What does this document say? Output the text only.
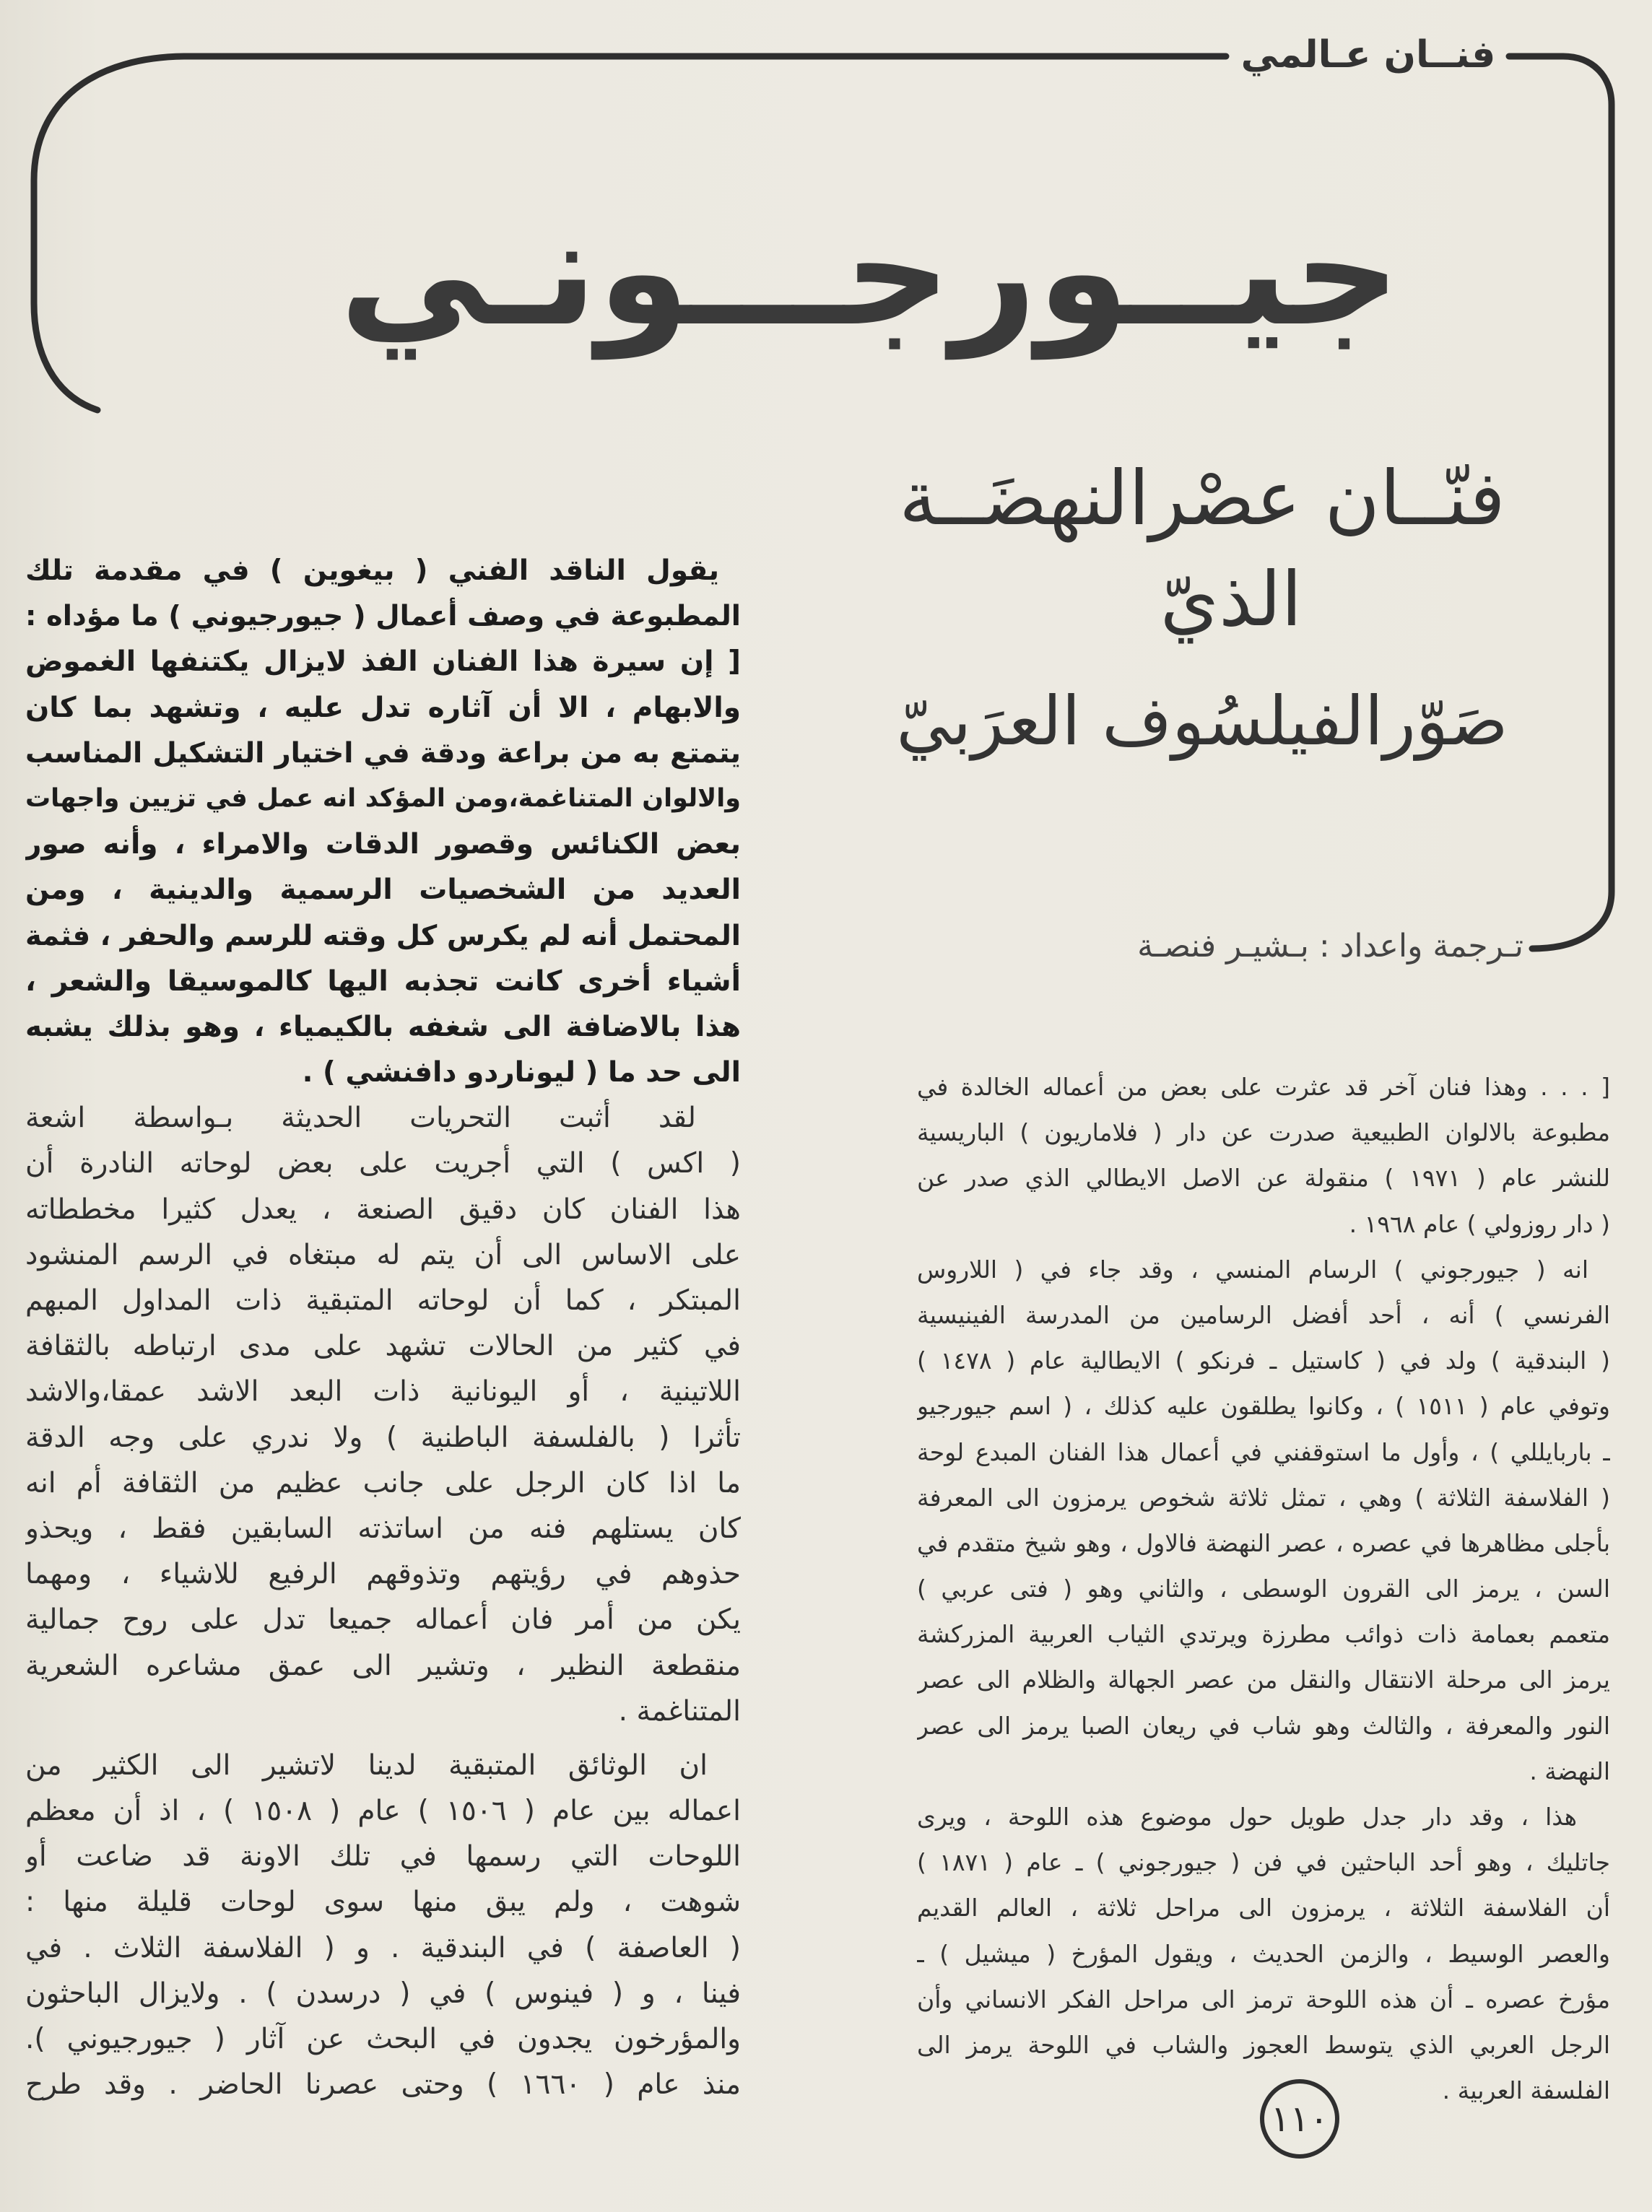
فنــان عـالمي
جيــورجـــونـي
فنّــان عصْرالنهضَــة
الذيّ
صَوّرالفيلسُوف العرَبيّ
تـرجمة واعداد : بـشيـر فنصـة
يقول الناقد الفني ( بيغوين ) في مقدمة تلك
المطبوعة في وصف أعمال ( جيورجيوني ) ما مؤداه :
[ إن سيرة هذا الفنان الفذ لايزال يكتنفها الغموض
والابهام ، الا أن آثاره تدل عليه ، وتشهد بما كان
يتمتع به من براعة ودقة في اختيار التشكيل المناسب
والالوان المتناغمة،ومن المؤكد انه عمل في تزيين واجهات
بعض الكنائس وقصور الدقات والامراء ، وأنه صور
العديد من الشخصيات الرسمية والدينية ، ومن
المحتمل أنه لم يكرس كل وقته للرسم والحفر ، فثمة
أشياء أخرى كانت تجذبه اليها كالموسيقا والشعر ،
هذا بالاضافة الى شغفه بالكيمياء ، وهو بذلك يشبه
الى حد ما ( ليوناردو دافنشي ) .
لقد أثبت التحريات الحديثة بـواسطة اشعة
( اكس ) التي أجريت على بعض لوحاته النادرة أن
هذا الفنان كان دقيق الصنعة ، يعدل كثيرا مخططاته
على الاساس الى أن يتم له مبتغاه في الرسم المنشود
المبتكر ، كما أن لوحاته المتبقية ذات المداول المبهم
في كثير من الحالات تشهد على مدى ارتباطه بالثقافة
اللاتينية ، أو اليونانية ذات البعد الاشد عمقا،والاشد
تأثرا ( بالفلسفة الباطنية ) ولا ندري على وجه الدقة
ما اذا كان الرجل على جانب عظيم من الثقافة أم انه
كان يستلهم فنه من اساتذته السابقين فقط ، ويحذو
حذوهم في رؤيتهم وتذوقهم الرفيع للاشياء ، ومهما
يكن من أمر فان أعماله جميعا تدل على روح جمالية
منقطعة النظير ، وتشير الى عمق مشاعره الشعرية
المتناغمة .
ان الوثائق المتبقية لدينا لاتشير الى الكثير من
اعماله بين عام ( ١٥٠٦ ) عام ( ١٥٠٨ ) ، اذ أن معظم
اللوحات التي رسمها في تلك الاونة قد ضاعت أو
شوهت ، ولم يبق منها سوى لوحات قليلة منها :
( العاصفة ) في البندقية . و ( الفلاسفة الثلاث . في
فينا ، و ( فينوس ) في ( درسدن ) . ولايزال الباحثون
والمؤرخون يجدون في البحث عن آثار ( جيورجيوني ).
منذ عام ( ١٦٦٠ ) وحتى عصرنا الحاضر . وقد طرح
[ . . . وهذا فنان آخر قد عثرت على بعض من أعماله الخالدة في
مطبوعة بالالوان الطبيعية صدرت عن دار ( فلاماريون ) الباريسية
للنشر عام ( ١٩٧١ ) منقولة عن الاصل الايطالي الذي صدر عن
( دار روزولي ) عام ١٩٦٨ .
انه ( جيورجوني ) الرسام المنسي ، وقد جاء في ( اللاروس
الفرنسي ) أنه ، أحد أفضل الرسامين من المدرسة الفينيسية
( البندقية ) ولد في ( كاستيل ـ فرنكو ) الايطالية عام ( ١٤٧٨ )
وتوفي عام ( ١٥١١ ) ، وكانوا يطلقون عليه كذلك ، ( اسم جيورجيو
ـ باربايللي ) ، وأول ما استوقفني في أعمال هذا الفنان المبدع لوحة
( الفلاسفة الثلاثة ) وهي ، تمثل ثلاثة شخوص يرمزون الى المعرفة
بأجلى مظاهرها في عصره ، عصر النهضة فالاول ، وهو شيخ متقدم في
السن ، يرمز الى القرون الوسطى ، والثاني وهو ( فتى عربي )
متعمم بعمامة ذات ذوائب مطرزة ويرتدي الثياب العربية المزركشة
يرمز الى مرحلة الانتقال والنقل من عصر الجهالة والظلام الى عصر
النور والمعرفة ، والثالث وهو شاب في ريعان الصبا يرمز الى عصر
النهضة .
هذا ، وقد دار جدل طويل حول موضوع هذه اللوحة ، ويرى
جاتليك ، وهو أحد الباحثين في فن ( جيورجوني ) ـ عام ( ١٨٧١ )
أن الفلاسفة الثلاثة ، يرمزون الى مراحل ثلاثة ، العالم القديم
والعصر الوسيط ، والزمن الحديث ، ويقول المؤرخ ( ميشيل ) ـ
مؤرخ عصره ـ أن هذه اللوحة ترمز الى مراحل الفكر الانساني وأن
الرجل العربي الذي يتوسط العجوز والشاب في اللوحة يرمز الى
الفلسفة العربية .
١١٠
